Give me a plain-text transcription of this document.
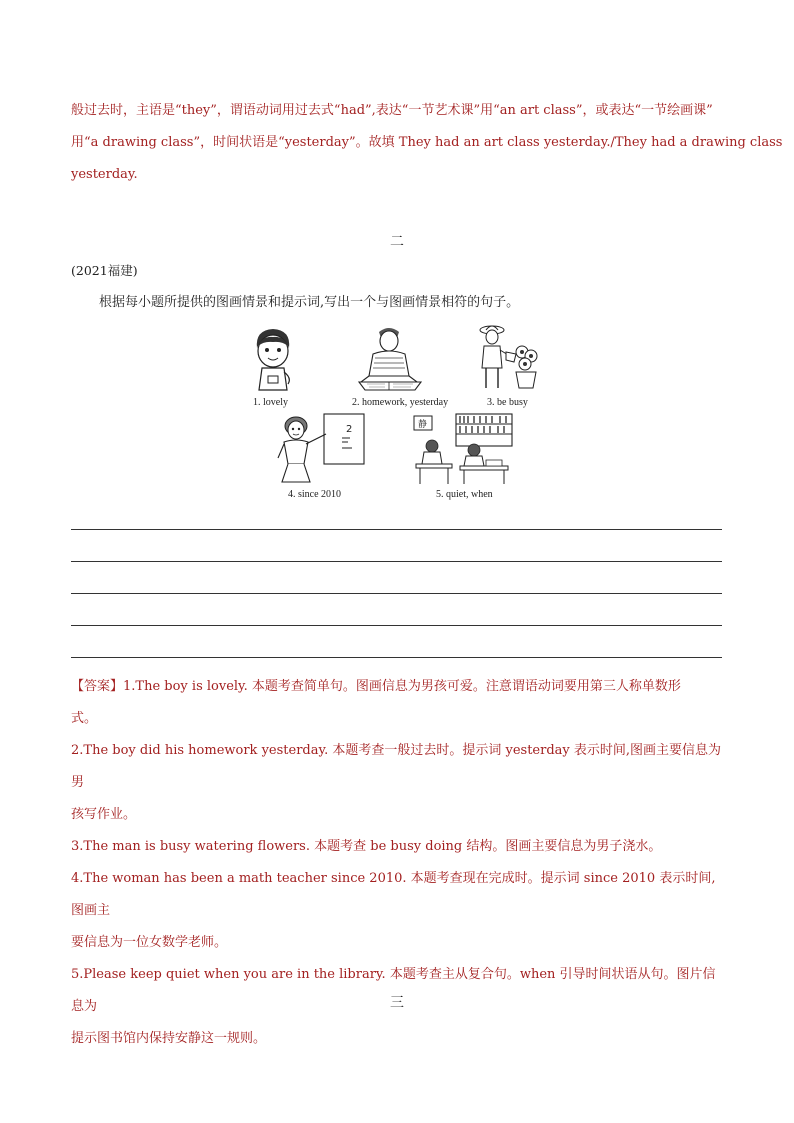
般过去时，主语是“they”，谓语动词用过去式“had”,表达“一节艺术课”用“an art class”，或表达“一节绘画课”
用“a drawing class”，时间状语是“yesterday”。故填 They had an art class yesterday./They had a drawing class
yesterday.
二
(2021福建)
根据每小题所提供的图画情景和提示词,写出一个与图画情景相符的句子。
1. lovely	2. homework, yesterday	3. be busy
2
4. since 2010
静
5. quiet, when
【答案】1.The boy is lovely. 本题考查简单句。图画信息为男孩可爱。注意谓语动词要用第三人称单数形
式。
2.The boy did his homework yesterday. 本题考查一般过去时。提示词 yesterday 表示时间,图画主要信息为男
孩写作业。
3.The man is busy watering flowers. 本题考查 be busy doing 结构。图画主要信息为男子浇水。
4.The woman has been a math teacher since 2010. 本题考查现在完成时。提示词 since 2010 表示时间,图画主
要信息为一位女数学老师。
5.Please keep quiet when you are in the library. 本题考查主从复合句。when 引导时间状语从句。图片信息为
提示图书馆内保持安静这一规则。
三
